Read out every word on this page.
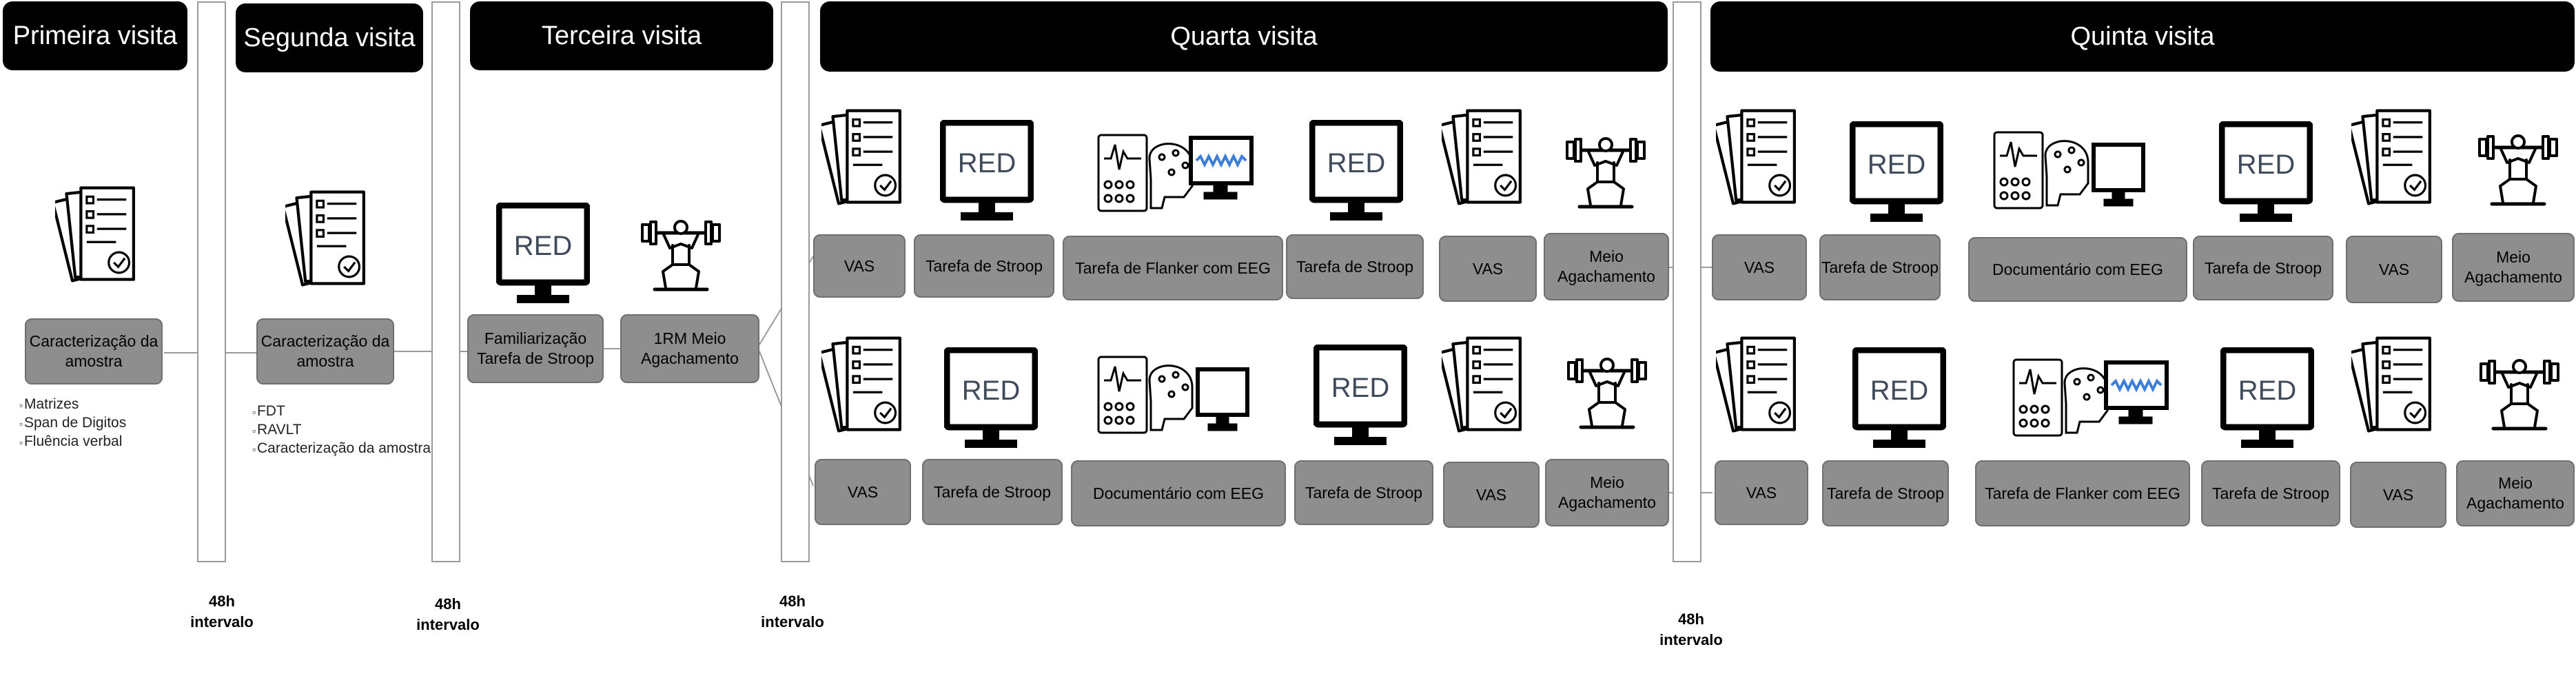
Primeira visita	Segunda visita	Terceira visita	Quarta visita	Quinta visita
48h
intervalo
48h
intervalo
48h
intervalo	48h
intervalo
Caracterização da amostra
▫ Matrizes
▫ Span de Digitos
▫ Fluência verbal
Caracterização da amostra
▫ FDT
▫ RAVLT
▫ Caracterização da amostra
RED
Familiarização Tarefa de Stroop
1RM Meio Agachamento
RED	RED
VAS	Tarefa de Stroop	Tarefa de Flanker com EEG	Tarefa de Stroop	VAS
Meio Agachamento
RED	RED
VAS	Tarefa de Stroop	Documentário com EEG	Tarefa de Stroop	VAS
Meio Agachamento
RED	RED
VAS	Tarefa de Stroop	Documentário com EEG	Tarefa de Stroop	VAS
Meio Agachamento
RED	RED
VAS	Tarefa de Stroop	Tarefa de Flanker com EEG	Tarefa de Stroop	VAS
Meio Agachamento
